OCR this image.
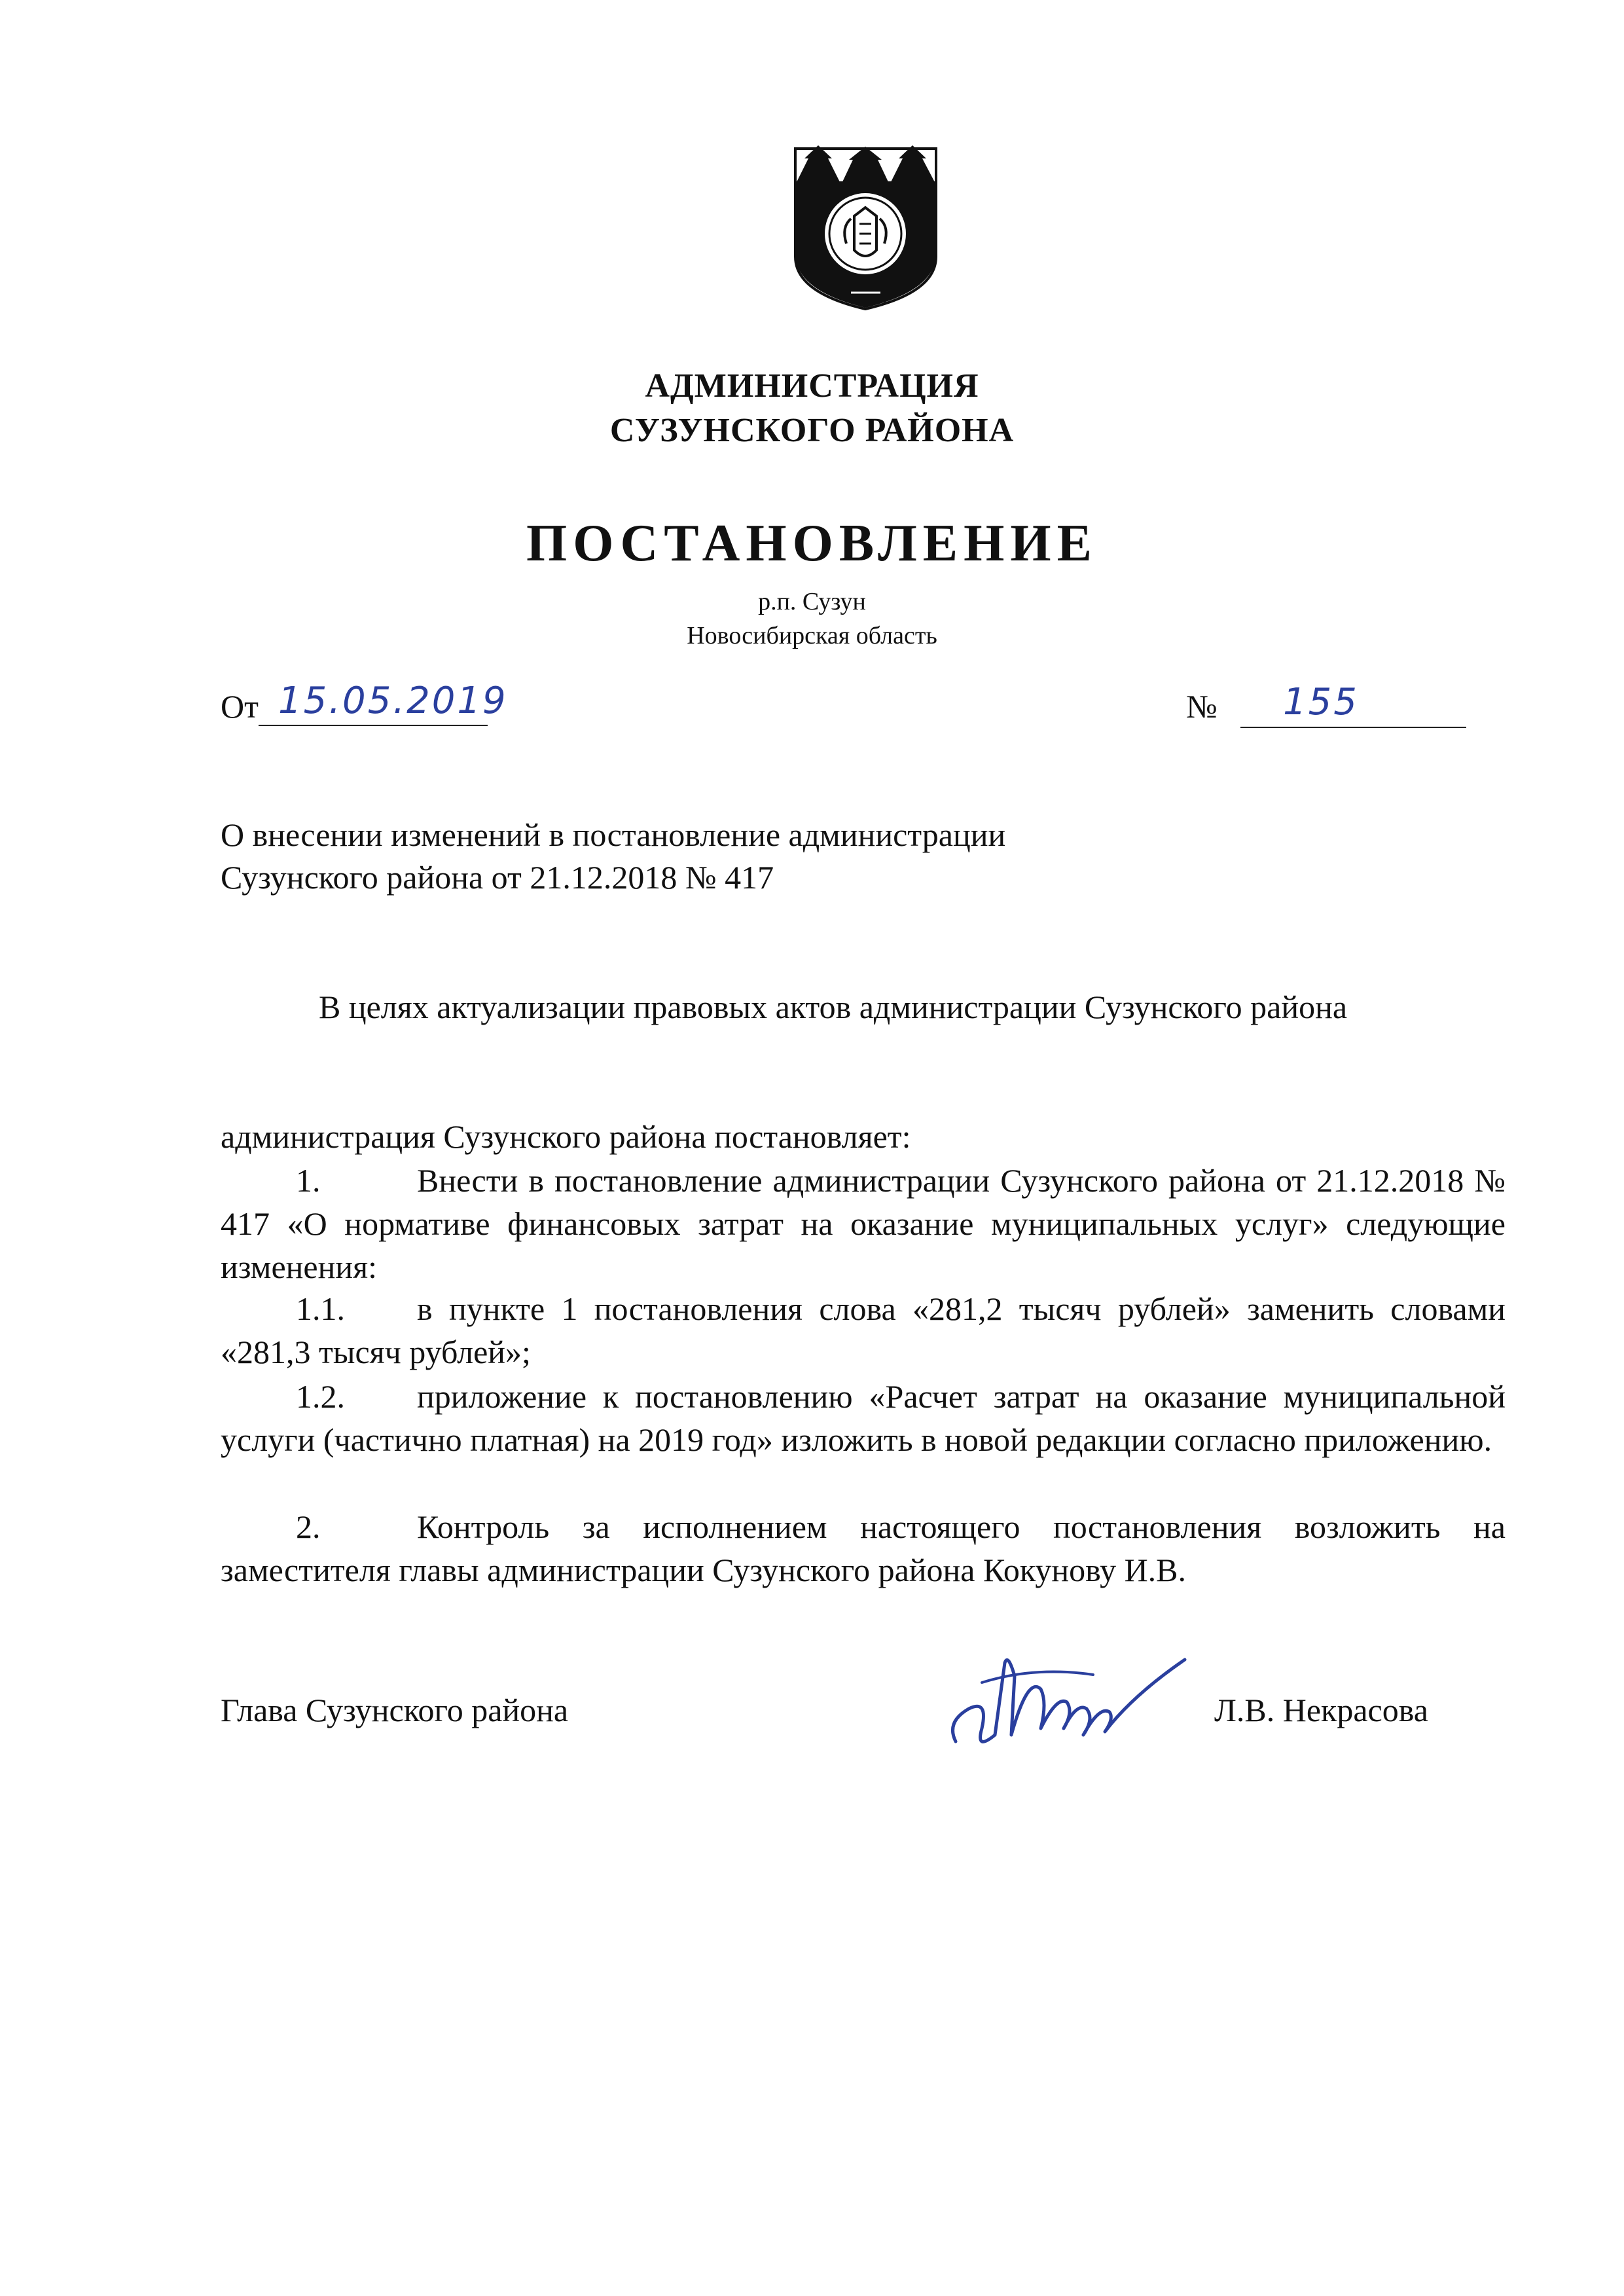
АДМИНИСТРАЦИЯ
СУЗУНСКОГО РАЙОНА
ПОСТАНОВЛЕНИЕ
р.п. Сузун
Новосибирская область
От 15.05.2019	№ 155
О внесении изменений в постановление администрации
Сузунского района от 21.12.2018 № 417
В целях актуализации правовых актов администрации Сузунского района
администрация Сузунского района постановляет:
1.	Внести в постановление администрации Сузунского района от 21.12.2018 № 417 «О нормативе финансовых затрат на оказание муниципальных услуг» следующие изменения:
1.1. в пункте 1 постановления слова «281,2 тысяч рублей» заменить словами «281,3 тысяч рублей»;
1.2. приложение к постановлению «Расчет затрат на оказание муниципальной услуги (частично платная) на 2019 год» изложить в новой редакции согласно приложению.
2.	Контроль за исполнением настоящего постановления возложить на заместителя главы администрации Сузунского района Кокунову И.В.
Глава Сузунского района	Л.В. Некрасова
